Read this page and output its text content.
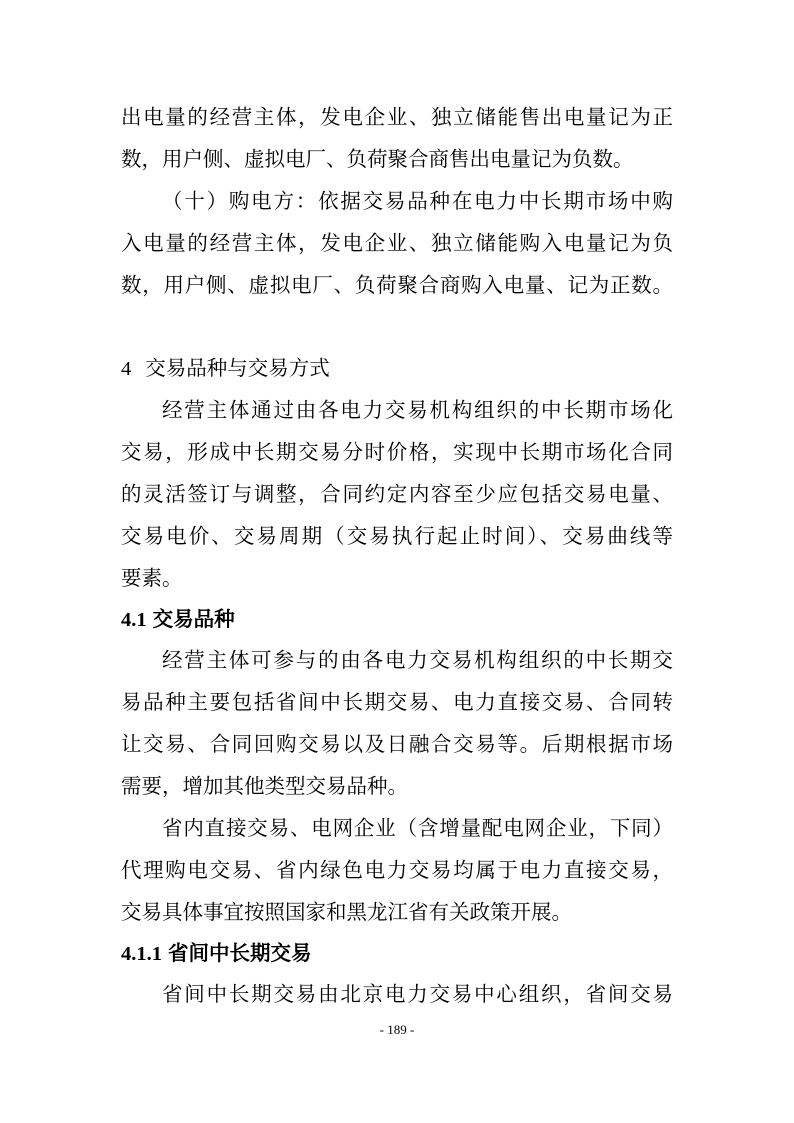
出电量的经营主体，发电企业、独立储能售出电量记为正
数，用户侧、虚拟电厂、负荷聚合商售出电量记为负数。
（十）购电方：依据交易品种在电力中长期市场中购
入电量的经营主体，发电企业、独立储能购入电量记为负
数，用户侧、虚拟电厂、负荷聚合商购入电量、记为正数。
4 交易品种与交易方式
经营主体通过由各电力交易机构组织的中长期市场化
交易，形成中长期交易分时价格，实现中长期市场化合同
的灵活签订与调整，合同约定内容至少应包括交易电量、
交易电价、交易周期（交易执行起止时间）、交易曲线等
要素。
4.1 交易品种
经营主体可参与的由各电力交易机构组织的中长期交
易品种主要包括省间中长期交易、电力直接交易、合同转
让交易、合同回购交易以及日融合交易等。后期根据市场
需要，增加其他类型交易品种。
省内直接交易、电网企业（含增量配电网企业，下同）
代理购电交易、省内绿色电力交易均属于电力直接交易，
交易具体事宜按照国家和黑龙江省有关政策开展。
4.1.1 省间中长期交易
省间中长期交易由北京电力交易中心组织，省间交易
- 189 -
